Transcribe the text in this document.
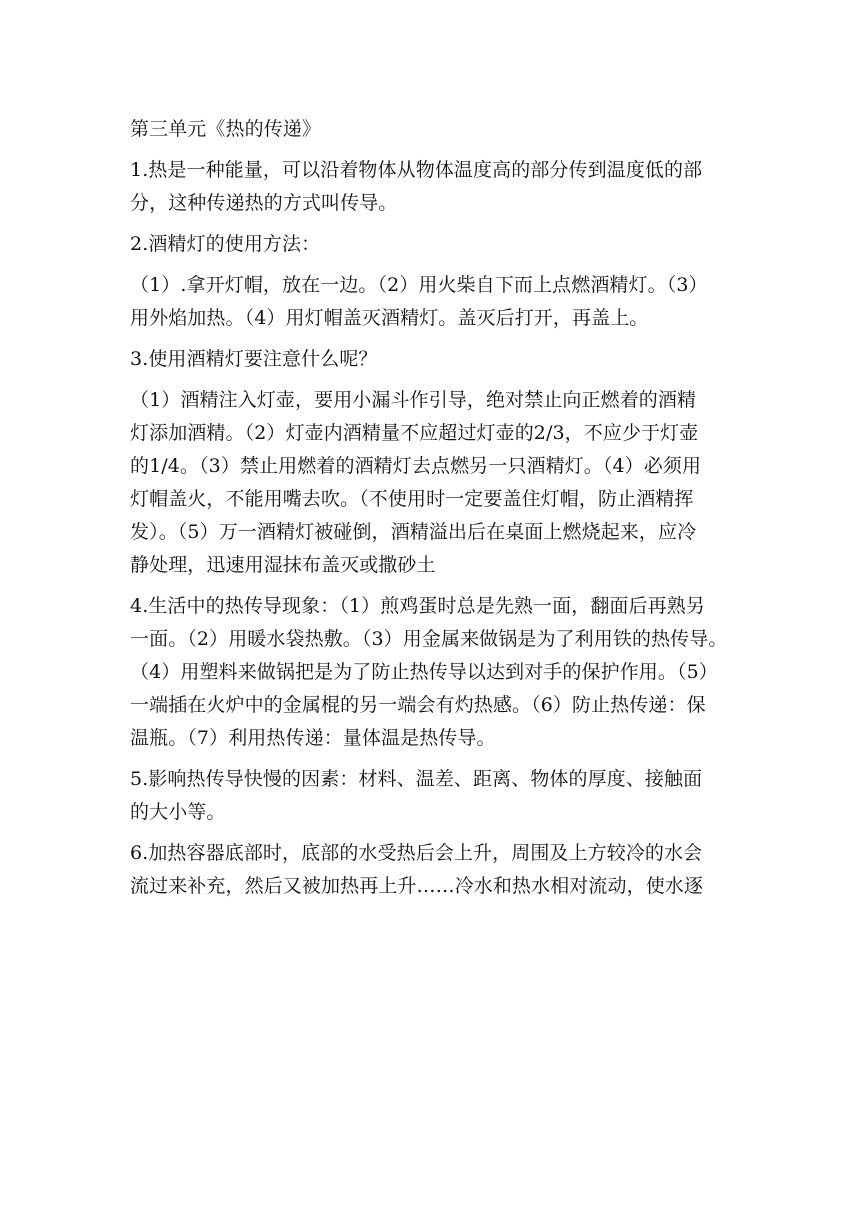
第三单元《热的传递》
1.热是一种能量，可以沿着物体从物体温度高的部分传到温度低的部
分，这种传递热的方式叫传导。
2.酒精灯的使用方法：
（1）.拿开灯帽，放在一边。（2）用火柴自下而上点燃酒精灯。（3）
用外焰加热。（4）用灯帽盖灭酒精灯。盖灭后打开，再盖上。
3.使用酒精灯要注意什么呢？
（1）酒精注入灯壶，要用小漏斗作引导，绝对禁止向正燃着的酒精
灯添加酒精。（2）灯壶内酒精量不应超过灯壶的2/3，不应少于灯壶
的1/4。（3）禁止用燃着的酒精灯去点燃另一只酒精灯。（4）必须用
灯帽盖火，不能用嘴去吹。（不使用时一定要盖住灯帽，防止酒精挥
发）。（5）万一酒精灯被碰倒，酒精溢出后在桌面上燃烧起来，应冷
静处理，迅速用湿抹布盖灭或撒砂土
4.生活中的热传导现象：（1）煎鸡蛋时总是先熟一面，翻面后再熟另
一面。（2）用暖水袋热敷。（3）用金属来做锅是为了利用铁的热传导。
（4）用塑料来做锅把是为了防止热传导以达到对手的保护作用。（5）
一端插在火炉中的金属棍的另一端会有灼热感。（6）防止热传递：保
温瓶。（7）利用热传递：量体温是热传导。
5.影响热传导快慢的因素：材料、温差、距离、物体的厚度、接触面
的大小等。
6.加热容器底部时，底部的水受热后会上升，周围及上方较冷的水会
流过来补充，然后又被加热再上升……冷水和热水相对流动，使水逐
